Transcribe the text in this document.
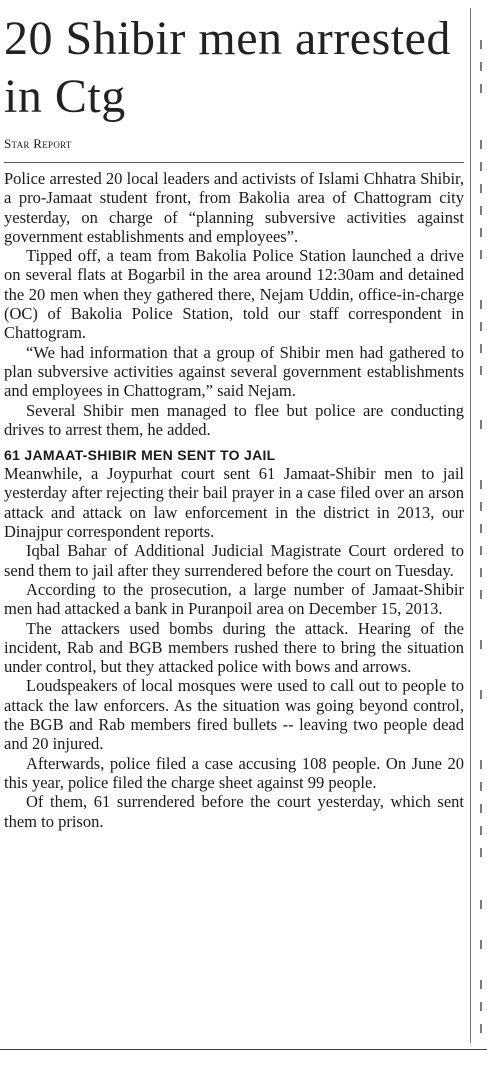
20 Shibir men arrested in Ctg
Star Report

Police arrested 20 local leaders and activists of Islami Chhatra Shibir, a pro-Jamaat student front, from Bakolia area of Chattogram city yesterday, on charge of “planning subversive activities against government establishments and employees”.

Tipped off, a team from Bakolia Police Station launched a drive on several flats at Bogarbil in the area around 12:30am and detained the 20 men when they gathered there, Nejam Uddin, office-in-charge (OC) of Bakolia Police Station, told our staff correspondent in Chattogram.

“We had information that a group of Shibir men had gathered to plan subversive activities against several government establishments and employees in Chattogram,” said Nejam.

Several Shibir men managed to flee but police are conducting drives to arrest them, he added.

61 JAMAAT-SHIBIR MEN SENT TO JAIL

Meanwhile, a Joypurhat court sent 61 Jamaat-Shibir men to jail yesterday after rejecting their bail prayer in a case filed over an arson attack and attack on law enforcement in the district in 2013, our Dinajpur correspondent reports.

Iqbal Bahar of Additional Judicial Magistrate Court ordered to send them to jail after they surrendered before the court on Tuesday.

According to the prosecution, a large number of Jamaat-Shibir men had attacked a bank in Puranpoil area on December 15, 2013.

The attackers used bombs during the attack. Hearing of the incident, Rab and BGB members rushed there to bring the situation under control, but they attacked police with bows and arrows.

Loudspeakers of local mosques were used to call out to people to attack the law enforcers. As the situation was going beyond control, the BGB and Rab members fired bullets -- leaving two people dead and 20 injured.

Afterwards, police filed a case accusing 108 people. On June 20 this year, police filed the charge sheet against 99 people.

Of them, 61 surrendered before the court yesterday, which sent them to prison.
